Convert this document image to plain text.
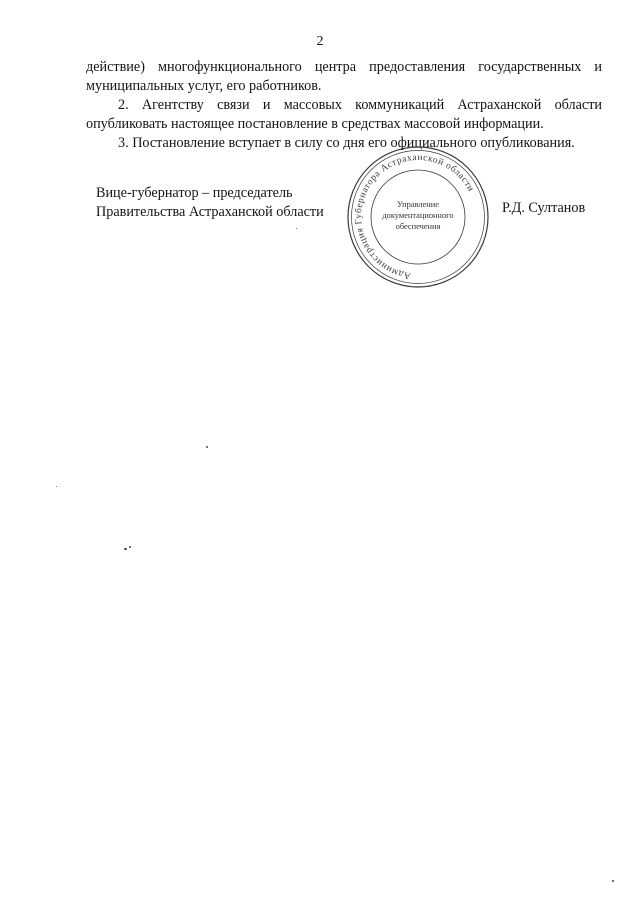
2

действие) многофункционального центра предоставления государственных и муниципальных услуг, его работников.

2. Агентству связи и массовых коммуникаций Астраханской области опубликовать настоящее постановление в средствах массовой информации.

3. Постановление вступает в силу со дня его официального опубликования.

Вице-губернатор – председатель
Правительства Астраханской области
Администрация Губернатора Астраханской области
Управление
документационного
обеспечения
Р.Д. Султанов
